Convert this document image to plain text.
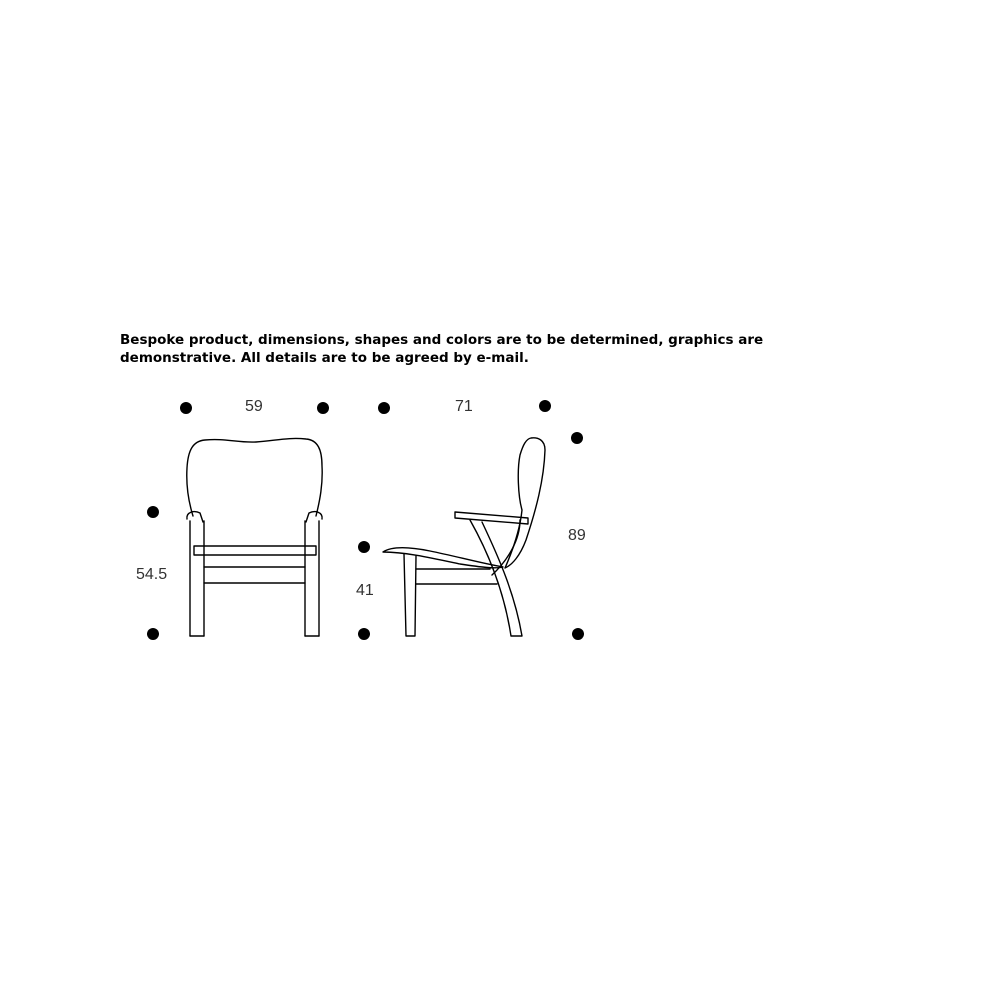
Bespoke product, dimensions, shapes and colors are to be determined, graphics are demonstrative. All details are to be agreed by e-mail.

59	71
54.5
41
89
